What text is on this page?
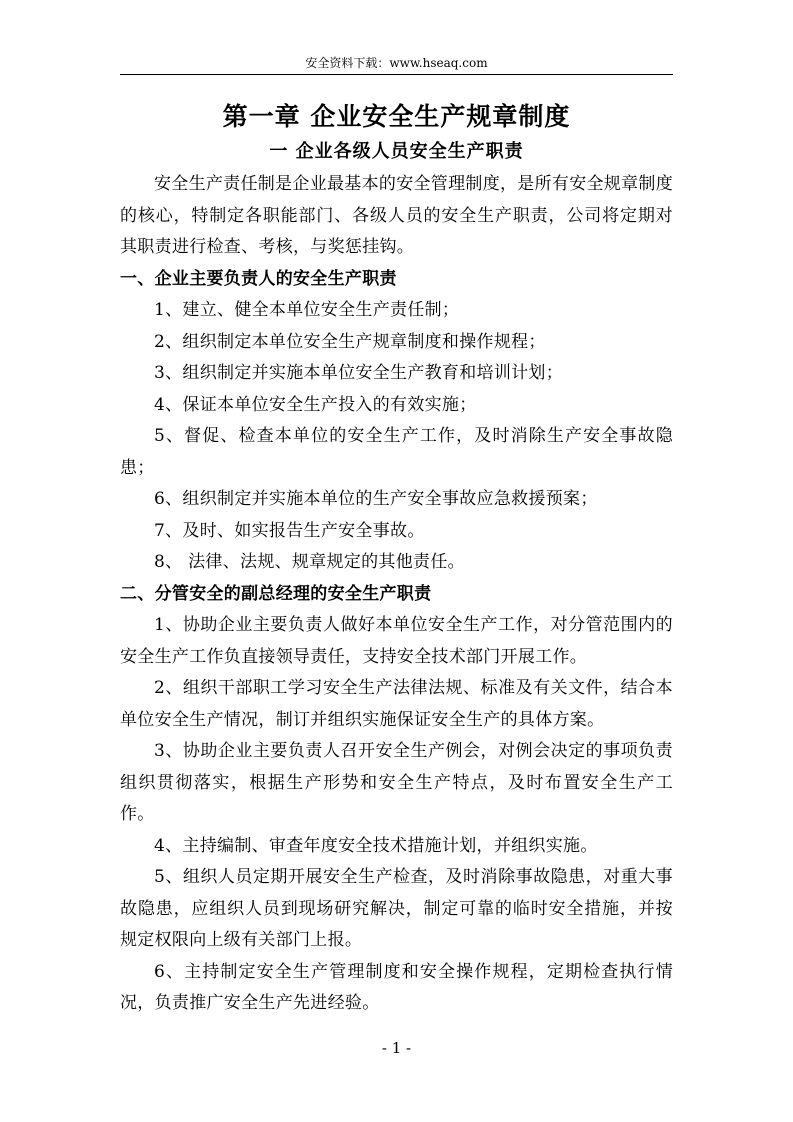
安全资料下载：www.hseaq.com
第一章 企业安全生产规章制度
一 企业各级人员安全生产职责

安全生产责任制是企业最基本的安全管理制度，是所有安全规章制度的核心，特制定各职能部门、各级人员的安全生产职责，公司将定期对其职责进行检查、考核，与奖惩挂钩。

一、企业主要负责人的安全生产职责

1、建立、健全本单位安全生产责任制；

2、组织制定本单位安全生产规章制度和操作规程；

3、组织制定并实施本单位安全生产教育和培训计划；

4、保证本单位安全生产投入的有效实施；

5、督促、检查本单位的安全生产工作，及时消除生产安全事故隐患；

6、组织制定并实施本单位的生产安全事故应急救援预案；

7、及时、如实报告生产安全事故。

8、 法律、法规、规章规定的其他责任。

二、分管安全的副总经理的安全生产职责

1、协助企业主要负责人做好本单位安全生产工作，对分管范围内的安全生产工作负直接领导责任，支持安全技术部门开展工作。

2、组织干部职工学习安全生产法律法规、标准及有关文件，结合本单位安全生产情况，制订并组织实施保证安全生产的具体方案。

3、协助企业主要负责人召开安全生产例会，对例会决定的事项负责组织贯彻落实，根据生产形势和安全生产特点，及时布置安全生产工作。

4、主持编制、审查年度安全技术措施计划，并组织实施。

5、组织人员定期开展安全生产检查，及时消除事故隐患，对重大事故隐患，应组织人员到现场研究解决，制定可靠的临时安全措施，并按规定权限向上级有关部门上报。

6、主持制定安全生产管理制度和安全操作规程，定期检查执行情况，负责推广安全生产先进经验。

- 1 -
